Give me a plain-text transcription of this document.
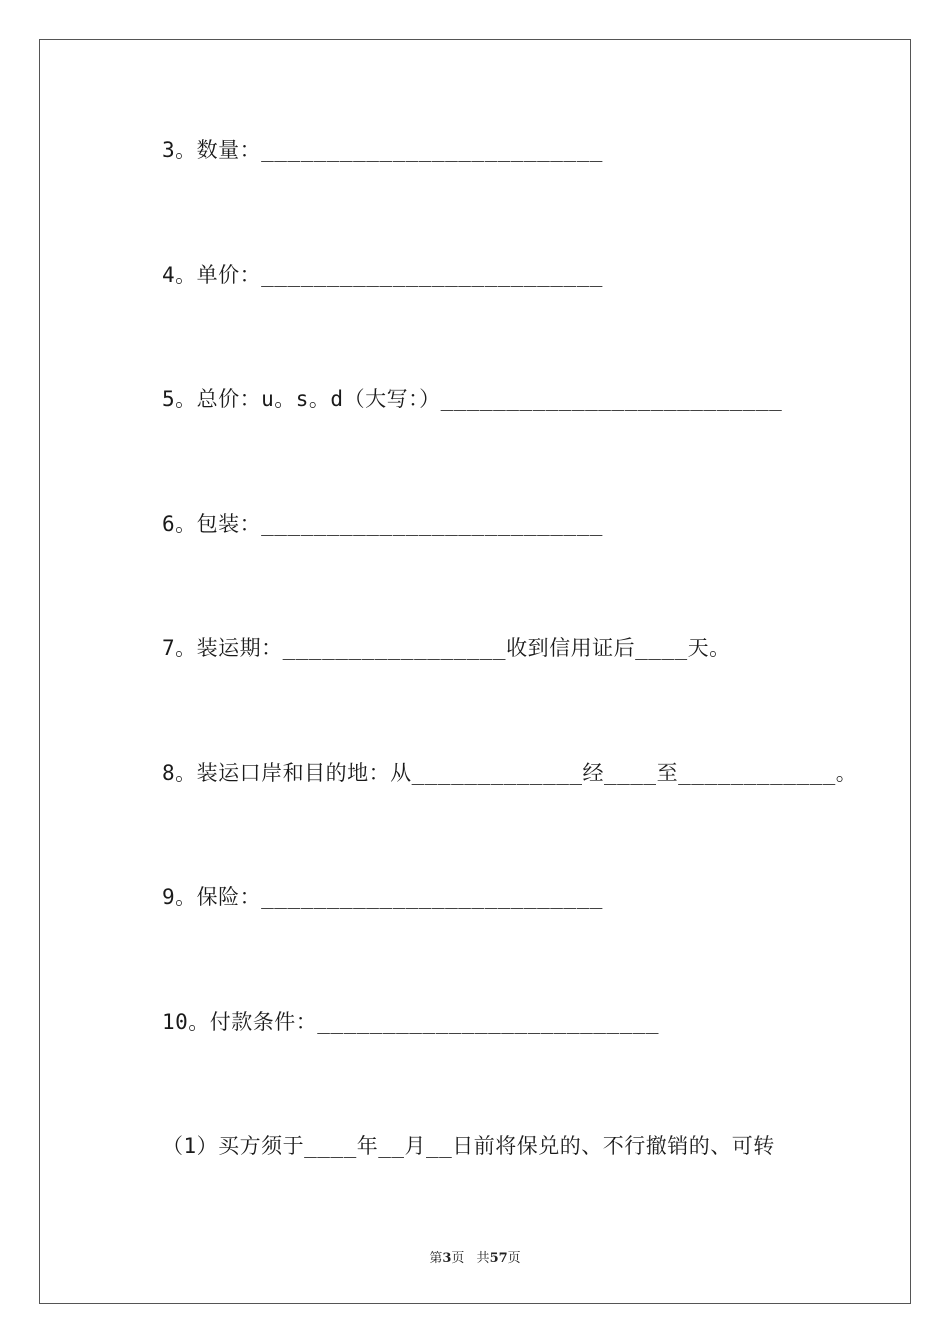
3。数量：__________________________
4。单价：__________________________
5。总价：u。s。d（大写：）__________________________
6。包装：__________________________
7。装运期：_________________收到信用证后____天。
8。装运口岸和目的地：从_____________经____至____________。
9。保险：__________________________
10。付款条件：__________________________
（1）买方须于____年__月__日前将保兑的、不行撤销的、可转
第3页 共57页
